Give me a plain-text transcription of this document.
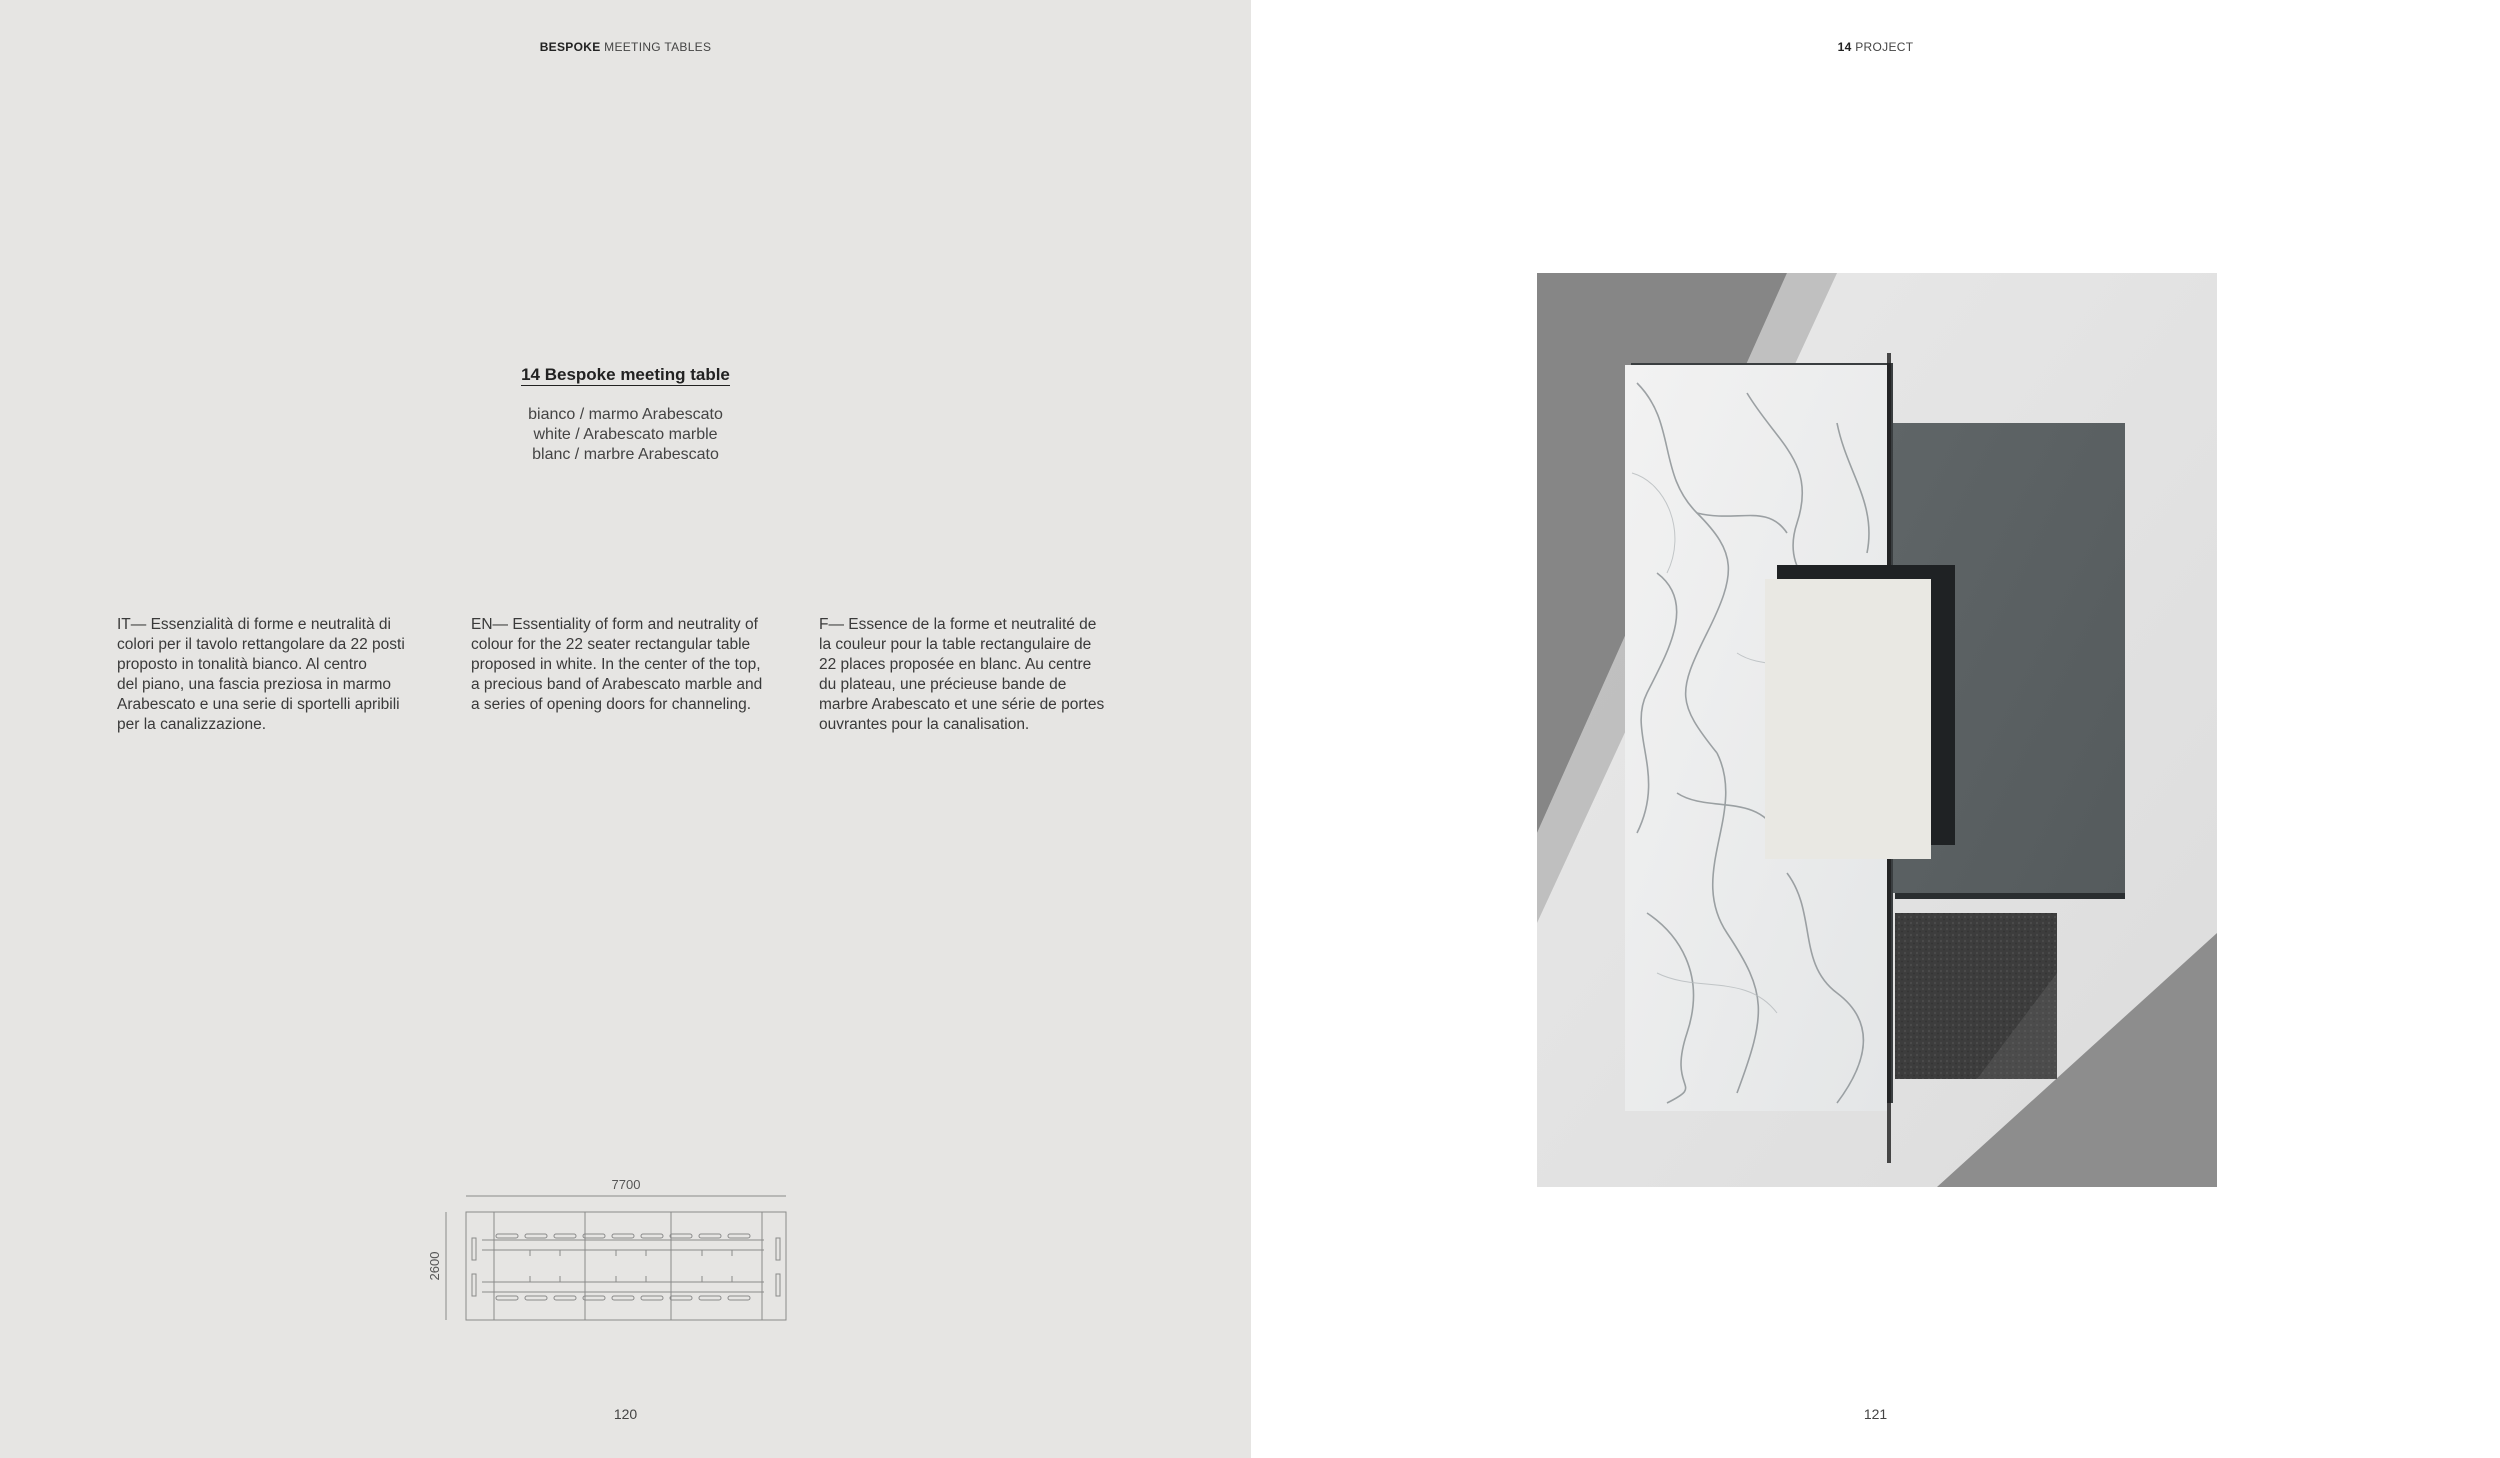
BESPOKE MEETING TABLES
14 Bespoke meeting table
bianco / marmo Arabescato
white / Arabescato marble
blanc / marbre Arabescato
IT— Essenzialità di forme e neutralità di
colori per il tavolo rettangolare da 22 posti
proposto in tonalità bianco. Al centro
del piano, una fascia preziosa in marmo
Arabescato e una serie di sportelli apribili
per la canalizzazione.
EN— Essentiality of form and neutrality of
colour for the 22 seater rectangular table
proposed in white. In the center of the top,
a precious band of Arabescato marble and
a series of opening doors for channeling.
F— Essence de la forme et neutralité de
la couleur pour la table rectangulaire de
22 places proposée en blanc. Au centre
du plateau, une précieuse bande de
marbre Arabescato et une série de portes
ouvrantes pour la canalisation.
7700
2600
120
14 PROJECT
121
